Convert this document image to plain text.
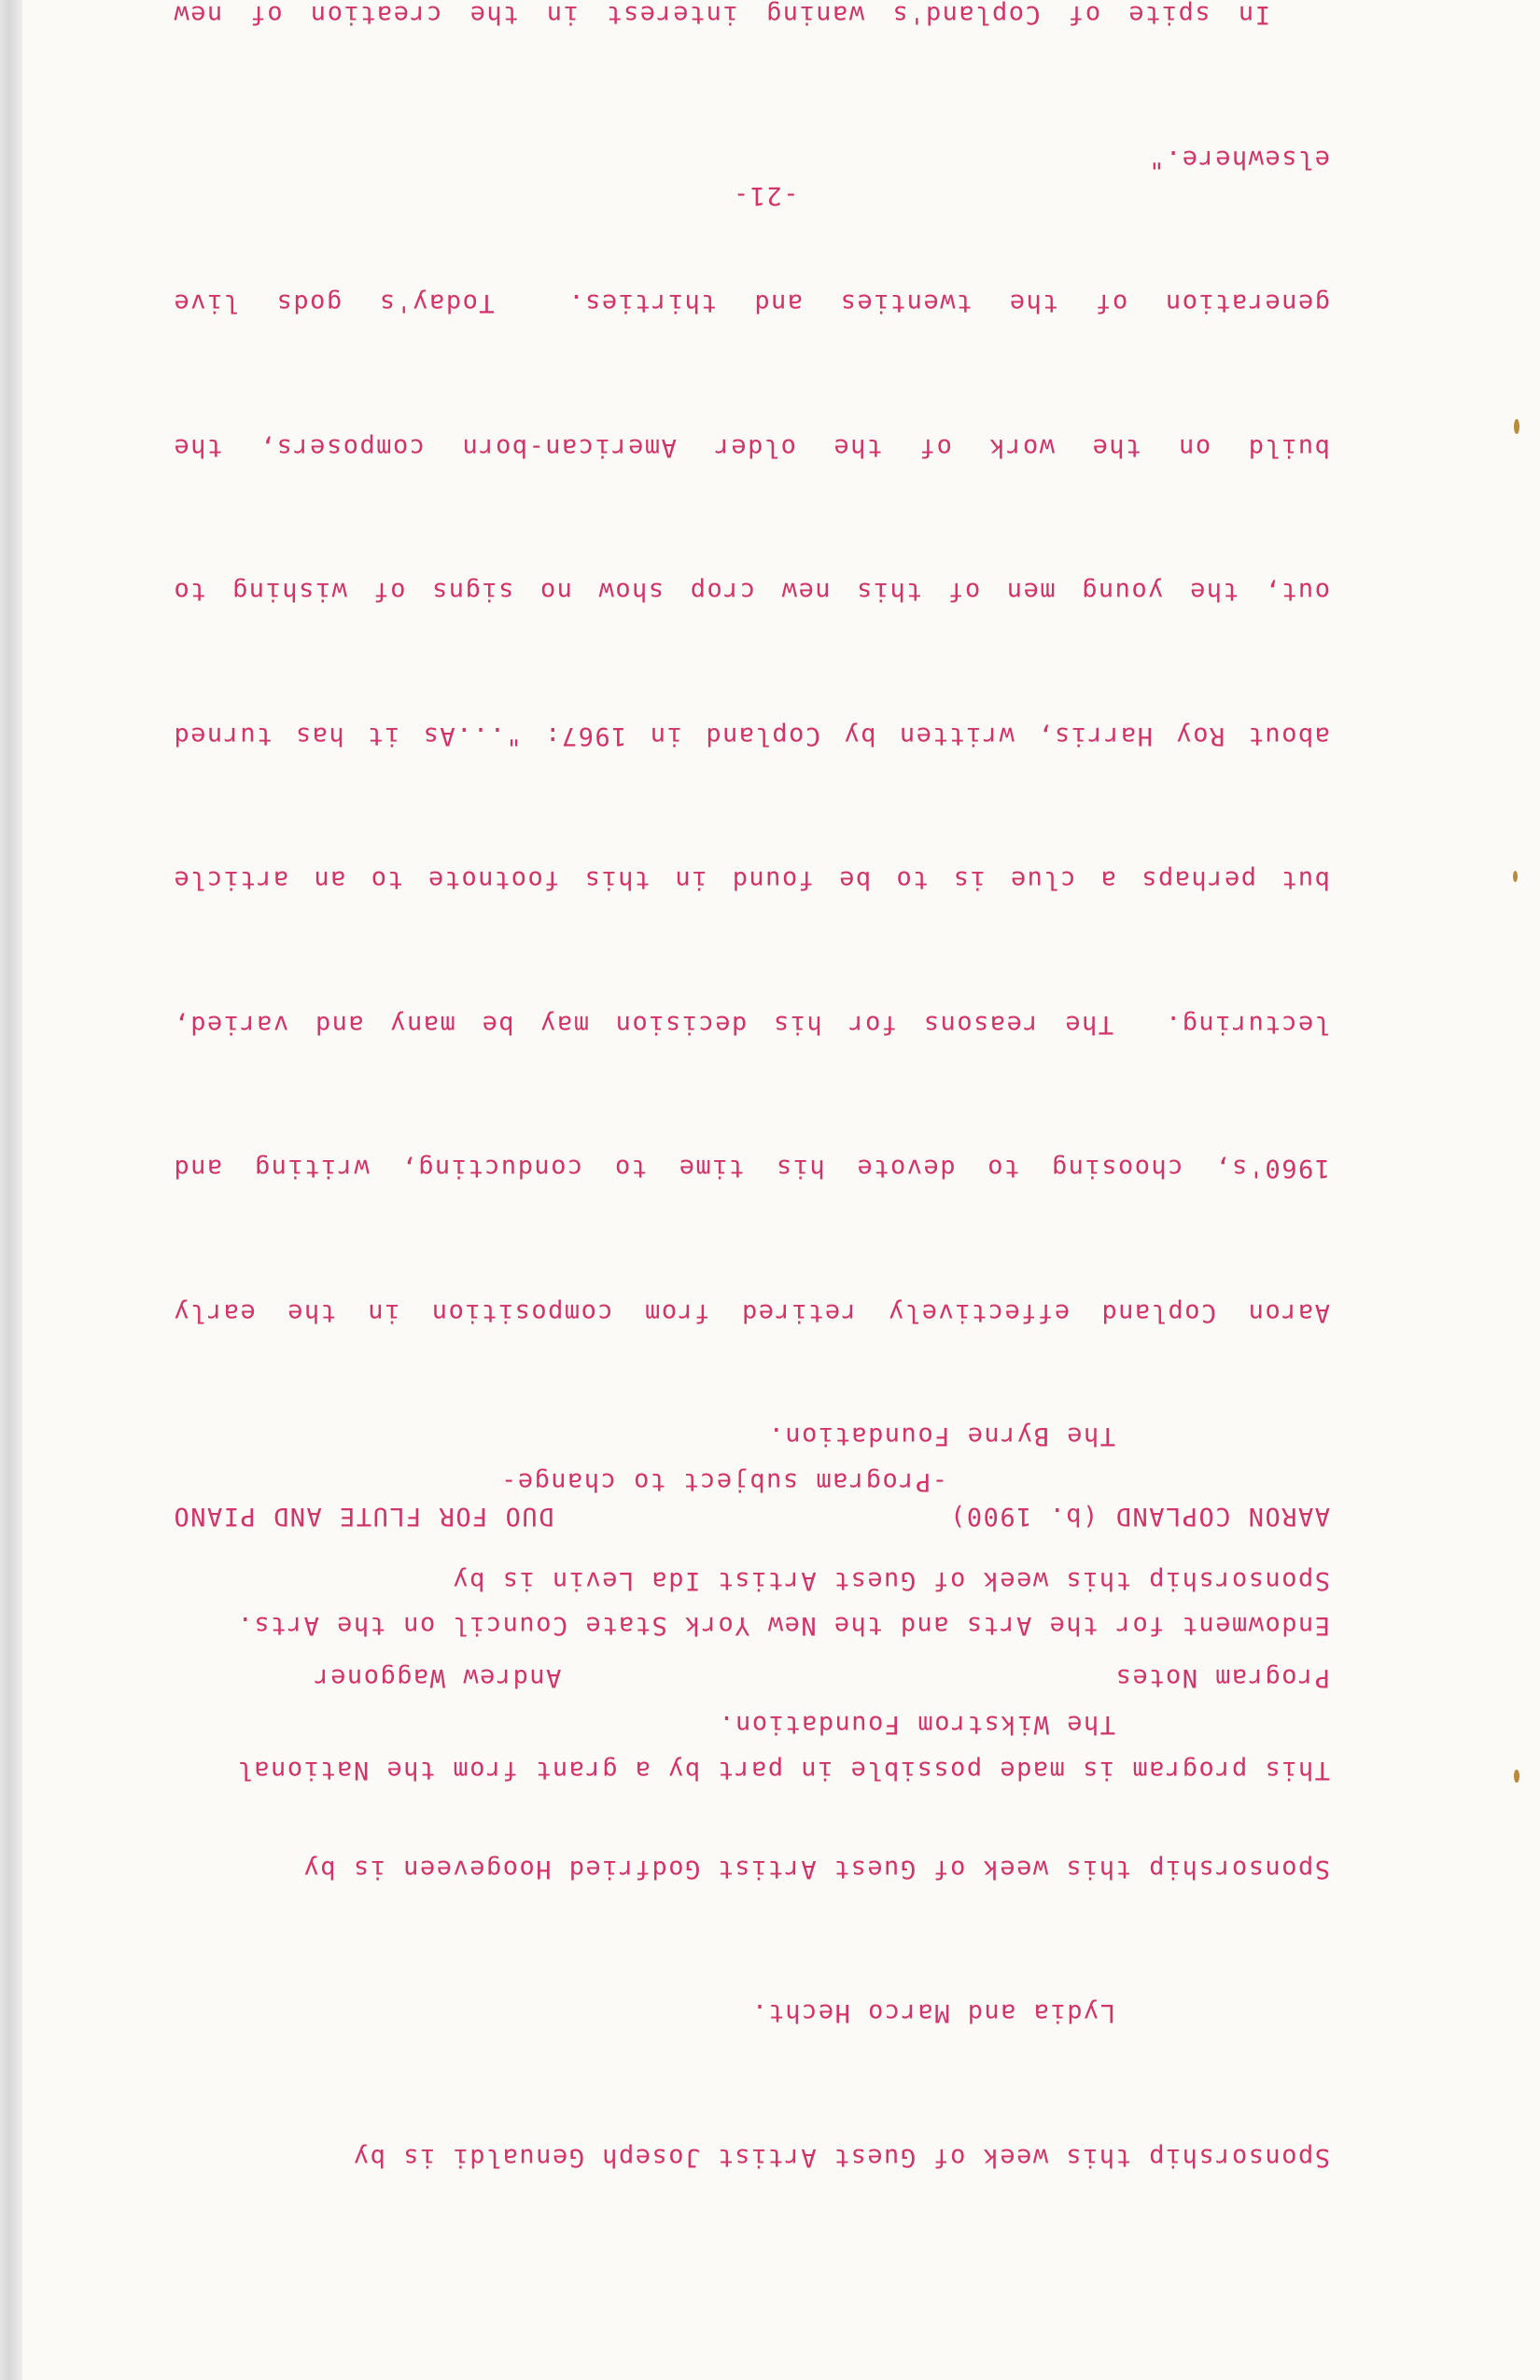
Sponsorship this week of Guest Artist Joseph Genualdi is by

Lydia and Marco Hecht.

Sponsorship this week of Guest Artist Godfried Hoogeveen is by

The Wikstrom Foundation.

Sponsorship this week of Guest Artist Ida Levin is by

The Byrne Foundation.

This program is made possible in part by a grant from the National

Endowment for the Arts and the New York State Council on the Arts.

-Program subject to change-

Program Notes
Andrew Waggoner
AARON COPLAND (b. 1900)
DUO FOR FLUTE AND PIANO

Aaron Copland effectively retired from composition in the early

1960's, choosing to devote his time to conducting, writing and

lecturing.  The reasons for his decision may be many and varied,

but perhaps a clue is to be found in this footnote to an article

about Roy Harris, written by Copland in 1967: "...As it has turned

out, the young men of this new crop show no signs of wishing to

build on the work of the older American-born composers, the

generation of the twenties and thirties.  Today's gods live

elsewhere."

In spite of Copland's waning interest in the creation of new

-21-
